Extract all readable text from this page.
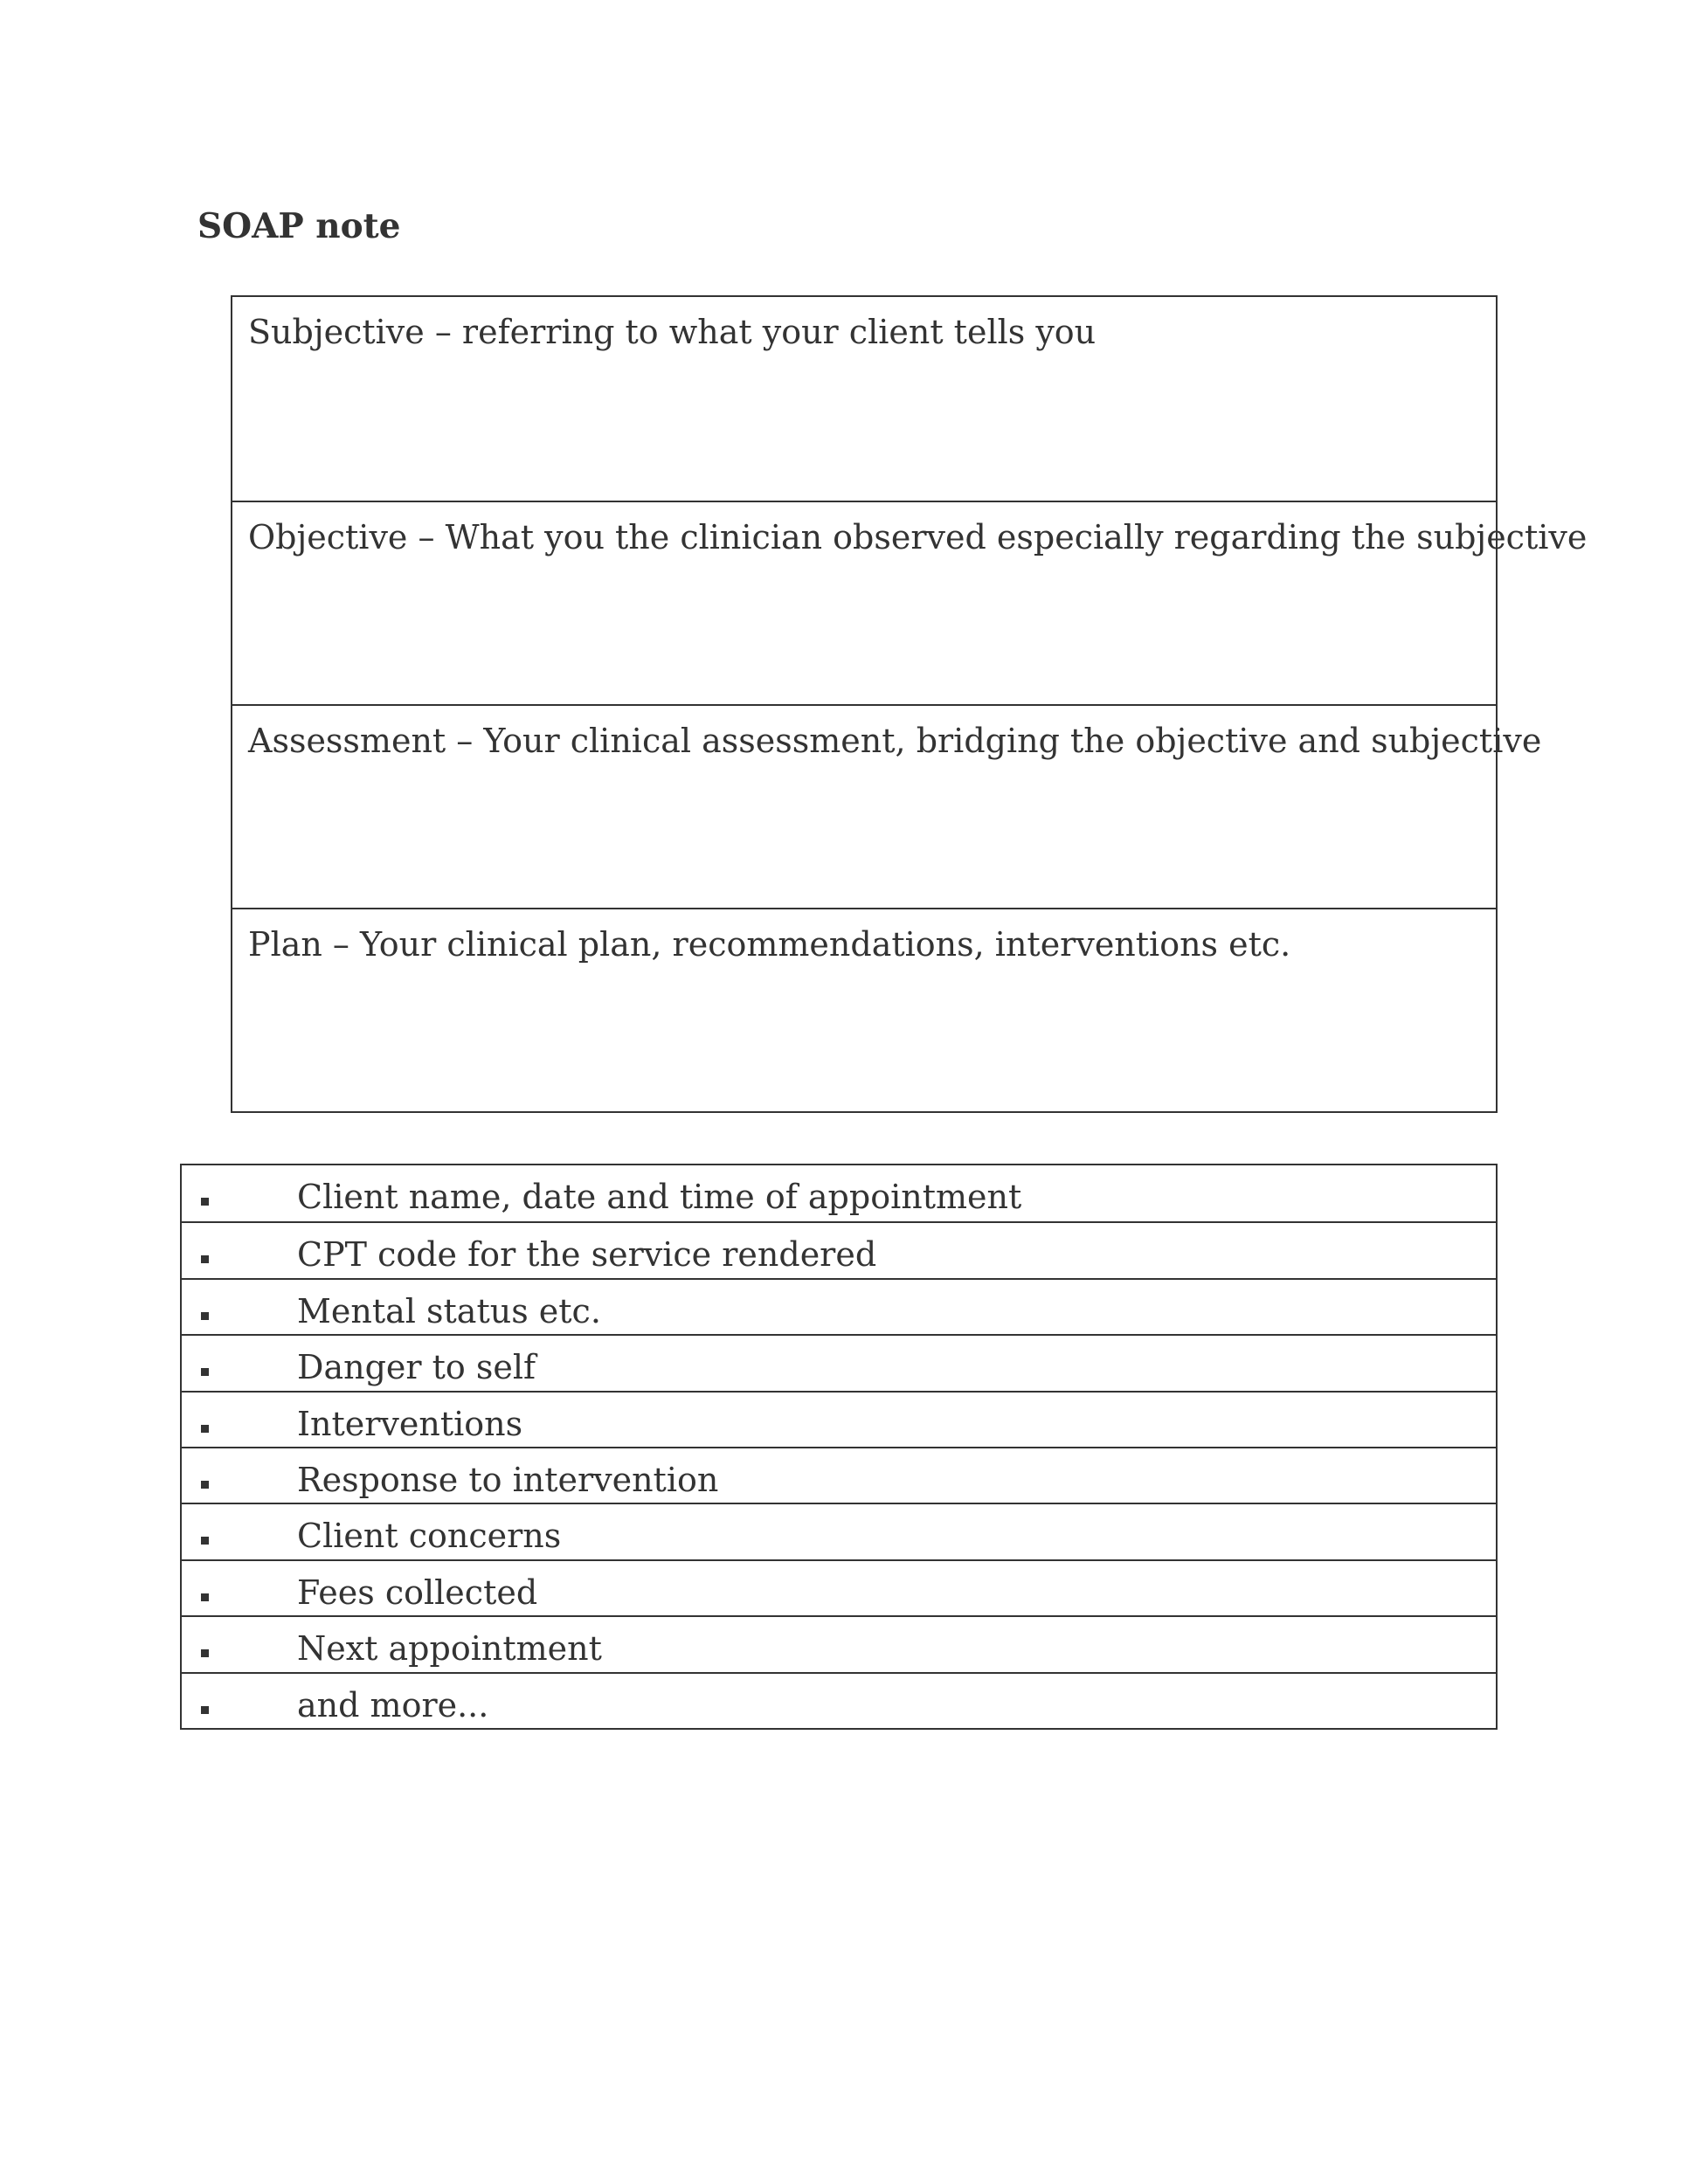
SOAP note
Subjective – referring to what your client tells you
Objective – What you the clinician observed especially regarding the subjective
Assessment – Your clinical assessment, bridging the objective and subjective
Plan – Your clinical plan, recommendations, interventions etc.
Client name, date and time of appointment
CPT code for the service rendered
Mental status etc.
Danger to self
Interventions
Response to intervention
Client concerns
Fees collected
Next appointment
and more...
